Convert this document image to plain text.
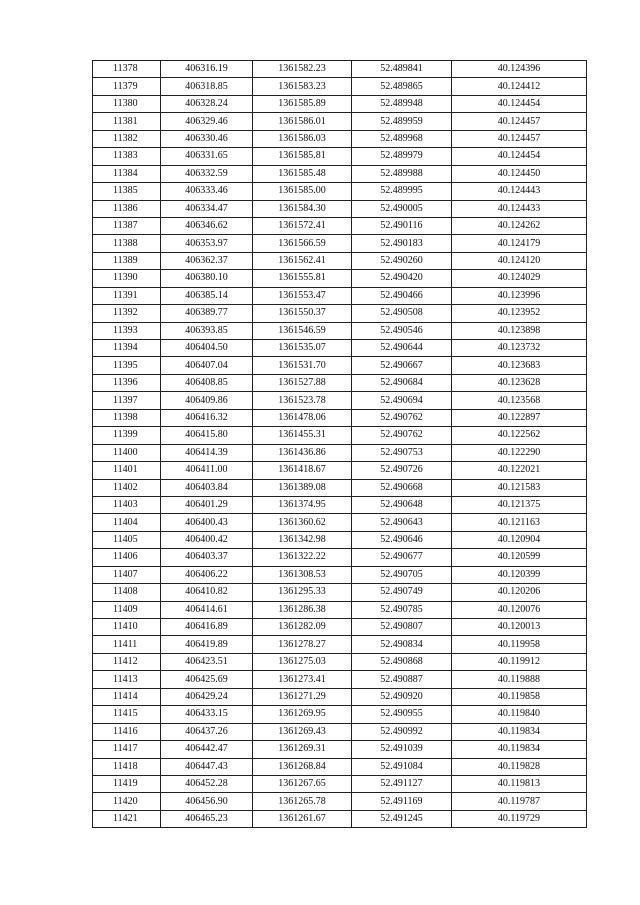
11378	406316.19	1361582.23	52.489841	40.124396
11379	406318.85	1361583.23	52.489865	40.124412
11380	406328.24	1361585.89	52.489948	40.124454
11381	406329.46	1361586.01	52.489959	40.124457
11382	406330.46	1361586.03	52.489968	40.124457
11383	406331.65	1361585.81	52.489979	40.124454
11384	406332.59	1361585.48	52.489988	40.124450
11385	406333.46	1361585.00	52.489995	40.124443
11386	406334.47	1361584.30	52.490005	40.124433
11387	406346.62	1361572.41	52.490116	40.124262
11388	406353.97	1361566.59	52.490183	40.124179
11389	406362.37	1361562.41	52.490260	40.124120
11390	406380.10	1361555.81	52.490420	40.124029
11391	406385.14	1361553.47	52.490466	40.123996
11392	406389.77	1361550.37	52.490508	40.123952
11393	406393.85	1361546.59	52.490546	40.123898
11394	406404.50	1361535.07	52.490644	40.123732
11395	406407.04	1361531.70	52.490667	40.123683
11396	406408.85	1361527.88	52.490684	40.123628
11397	406409.86	1361523.78	52.490694	40.123568
11398	406416.32	1361478.06	52.490762	40.122897
11399	406415.80	1361455.31	52.490762	40.122562
11400	406414.39	1361436.86	52.490753	40.122290
11401	406411.00	1361418.67	52.490726	40.122021
11402	406403.84	1361389.08	52.490668	40.121583
11403	406401.29	1361374.95	52.490648	40.121375
11404	406400.43	1361360.62	52.490643	40.121163
11405	406400.42	1361342.98	52.490646	40.120904
11406	406403.37	1361322.22	52.490677	40.120599
11407	406406.22	1361308.53	52.490705	40.120399
11408	406410.82	1361295.33	52.490749	40.120206
11409	406414.61	1361286.38	52.490785	40.120076
11410	406416.89	1361282.09	52.490807	40.120013
11411	406419.89	1361278.27	52.490834	40.119958
11412	406423.51	1361275.03	52.490868	40.119912
11413	406425.69	1361273.41	52.490887	40.119888
11414	406429.24	1361271.29	52.490920	40.119858
11415	406433.15	1361269.95	52.490955	40.119840
11416	406437.26	1361269.43	52.490992	40.119834
11417	406442.47	1361269.31	52.491039	40.119834
11418	406447.43	1361268.84	52.491084	40.119828
11419	406452.28	1361267.65	52.491127	40.119813
11420	406456.90	1361265.78	52.491169	40.119787
11421	406465.23	1361261.67	52.491245	40.119729
